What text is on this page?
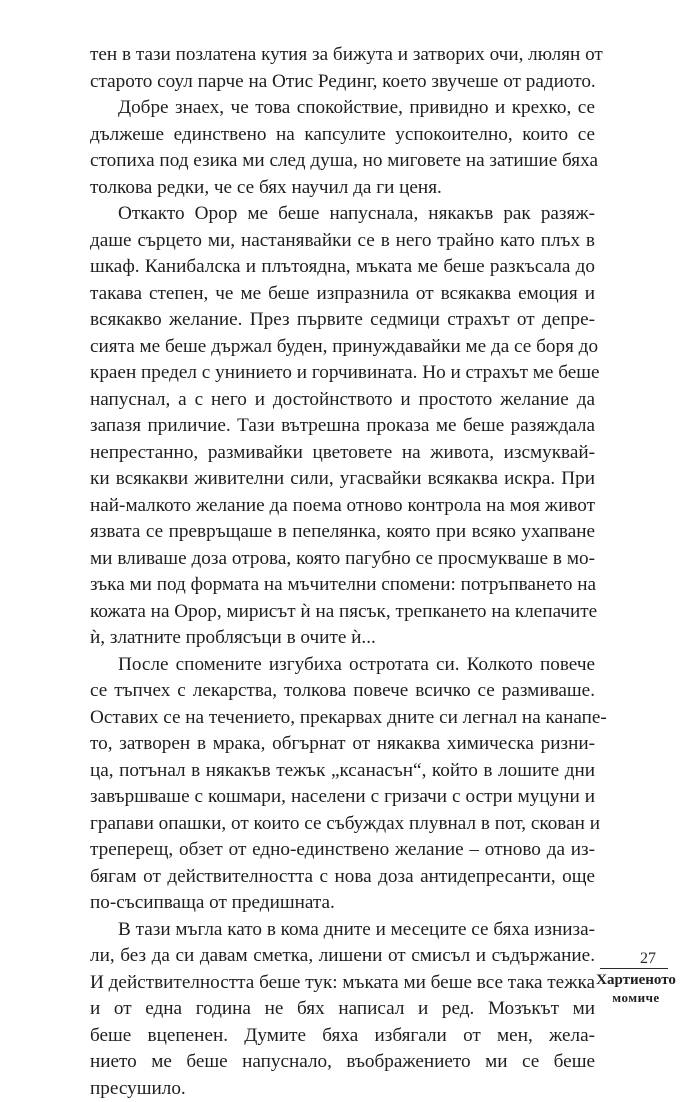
тен в тази позлатена кутия за бижута и затворих очи, люлян от
старото соул парче на Отис Рединг, което звучеше от радиото.
Добре знаех, че това спокойствие, привидно и крехко, се
дължеше единствено на капсулите успокоително, които се
стопиха под езика ми след душа, но миговете на затишие бяха
толкова редки, че се бях научил да ги ценя.
Откакто Орор ме беше напуснала, някакъв рак разяж-
даше сърцето ми, настанявайки се в него трайно като плъх в
шкаф. Канибалска и плътоядна, мъката ме беше разкъсала до
такава степен, че ме беше изпразнила от всякаква емоция и
всякакво желание. През първите седмици страхът от депре-
сията ме беше държал буден, принуждавайки ме да се боря до
краен предел с унинието и горчивината. Но и страхът ме беше
напуснал, а с него и достойнството и простото желание да
запазя приличие. Тази вътрешна проказа ме беше разяждала
непрестанно, размивайки цветовете на живота, изсмуквай-
ки всякакви живителни сили, угасвайки всякаква искра. При
най-малкото желание да поема отново контрола на моя живот
язвата се превръщаше в пепелянка, която при всяко ухапване
ми вливаше доза отрова, която пагубно се просмукваше в мо-
зъка ми под формата на мъчителни спомени: потръпването на
кожата на Орор, мирисът ѝ на пясък, трепкането на клепачите
ѝ, златните проблясъци в очите ѝ...
После спомените изгубиха остротата си. Колкото повече
се тъпчех с лекарства, толкова повече всичко се размиваше.
Оставих се на течението, прекарвах дните си легнал на канапе-
то, затворен в мрака, обгърнат от някаква химическа ризни-
ца, потънал в някакъв тежък „ксанасън“, който в лошите дни
завършваше с кошмари, населени с гризачи с остри муцуни и
грапави опашки, от които се събуждах плувнал в пот, скован и
треперещ, обзет от едно-единствено желание – отново да из-
бягам от действителността с нова доза антидепресанти, още
по-съсипваща от предишната.
В тази мъгла като в кома дните и месеците се бяха изнизa-
ли, без да си давам сметка, лишени от смисъл и съдържание.
И действителността беше тук: мъката ми беше все така тежка
и от една година не бях написал и ред. Мозъкът ми
беше вцепенен. Думите бяха избягали от мен, жела-
нието ме беше напуснало, въображението ми се беше
пресушило.
27
Хартиеното
момиче
